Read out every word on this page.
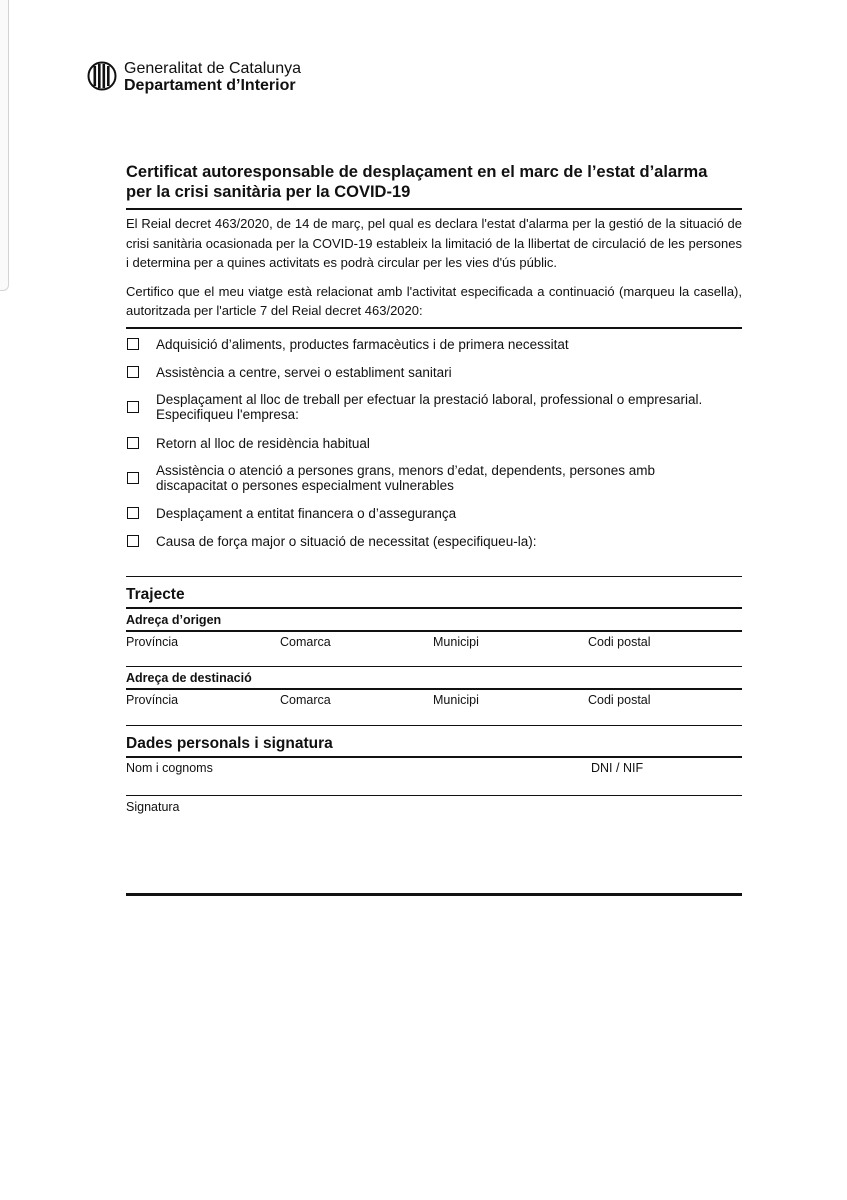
Generalitat de Catalunya
Departament d’Interior
Certificat autoresponsable de desplaçament en el marc de l’estat d’alarma
per la crisi sanitària per la COVID-19

El Reial decret 463/2020, de 14 de març, pel qual es declara l'estat d'alarma per la gestió de la situació de crisi sanitària ocasionada per la COVID-19 estableix la limitació de la llibertat de circulació de les persones i determina per a quines activitats es podrà circular per les vies d'ús públic.

Certifico que el meu viatge està relacionat amb l'activitat especificada a continuació (marqueu la casella), autoritzada per l'article 7 del Reial decret 463/2020:

Adquisició d’aliments, productes farmacèutics i de primera necessitat
Assistència a centre, servei o establiment sanitari
Desplaçament al lloc de treball per efectuar la prestació laboral, professional o empresarial.
Especifiqueu l'empresa:
Retorn al lloc de residència habitual
Assistència o atenció a persones grans, menors d’edat, dependents, persones amb
discapacitat o persones especialment vulnerables
Desplaçament a entitat financera o d’assegurança
Causa de força major o situació de necessitat (especifiqueu-la):
Trajecte
Adreça d’origen
Província	Comarca	Municipi	Codi postal
Adreça de destinació
Província	Comarca	Municipi	Codi postal
Dades personals i signatura
Nom i cognoms	DNI / NIF
Signatura
